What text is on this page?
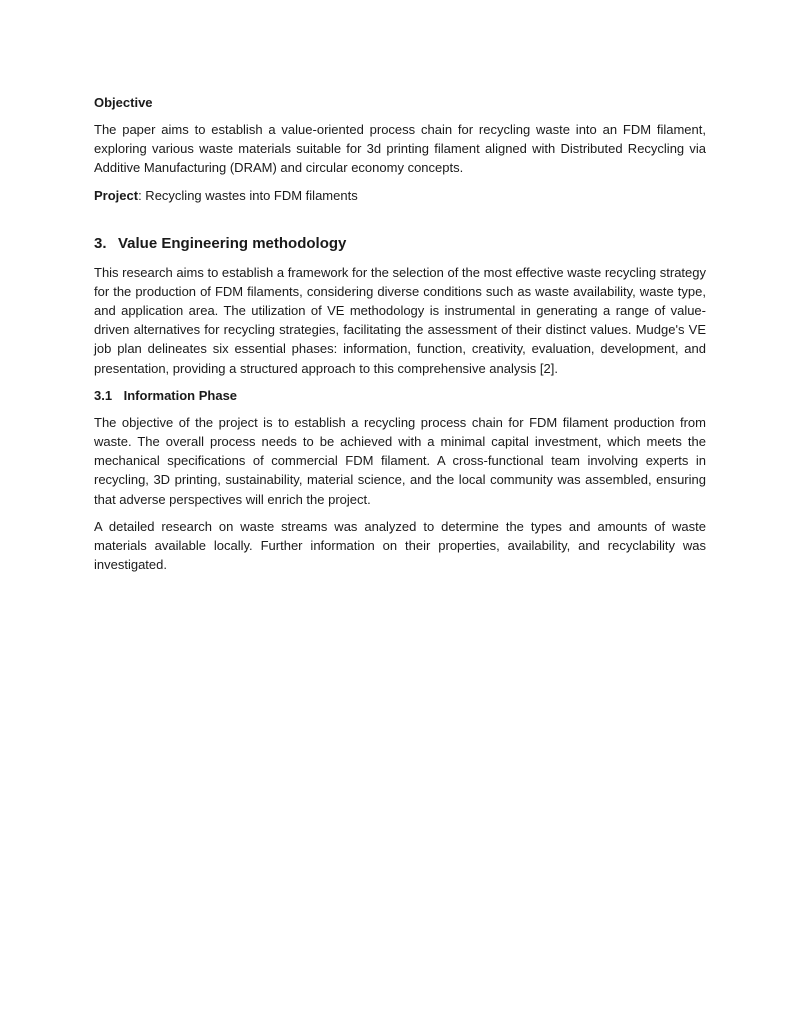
Objective

The paper aims to establish a value-oriented process chain for recycling waste into an FDM filament, exploring various waste materials suitable for 3d printing filament aligned with Distributed Recycling via Additive Manufacturing (DRAM) and circular economy concepts.

Project: Recycling wastes into FDM filaments

3. Value Engineering methodology

This research aims to establish a framework for the selection of the most effective waste recycling strategy for the production of FDM filaments, considering diverse conditions such as waste availability, waste type, and application area. The utilization of VE methodology is instrumental in generating a range of value-driven alternatives for recycling strategies, facilitating the assessment of their distinct values. Mudge's VE job plan delineates six essential phases: information, function, creativity, evaluation, development, and presentation, providing a structured approach to this comprehensive analysis [2].

3.1 Information Phase

The objective of the project is to establish a recycling process chain for FDM filament production from waste. The overall process needs to be achieved with a minimal capital investment, which meets the mechanical specifications of commercial FDM filament. A cross-functional team involving experts in recycling, 3D printing, sustainability, material science, and the local community was assembled, ensuring that adverse perspectives will enrich the project.

A detailed research on waste streams was analyzed to determine the types and amounts of waste materials available locally. Further information on their properties, availability, and recyclability was investigated.
